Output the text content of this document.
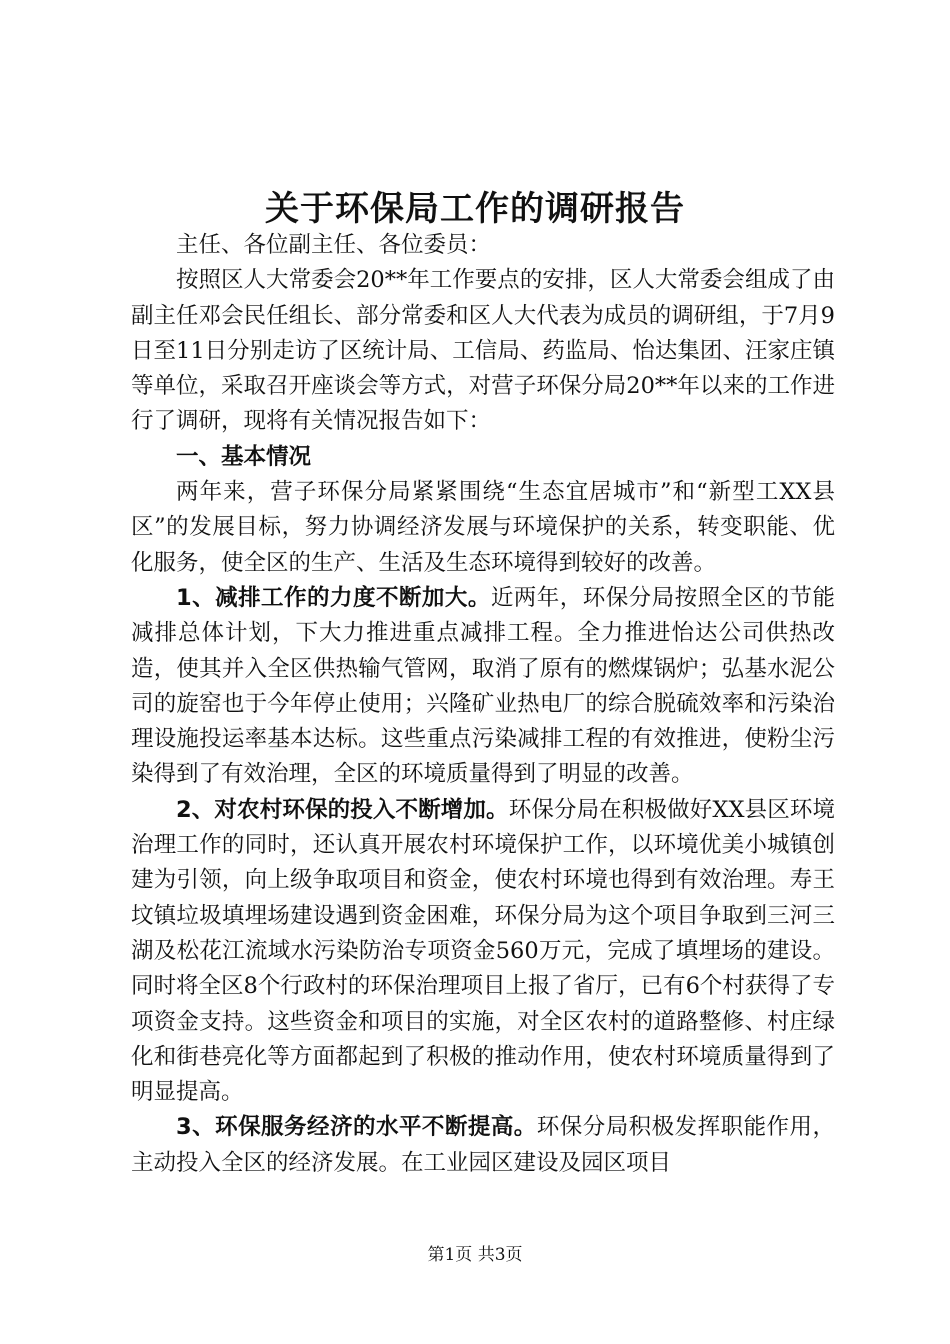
关于环保局工作的调研报告

主任、各位副主任、各位委员：

按照区人大常委会20**年工作要点的安排，区人大常委会组成了由副主任邓会民任组长、部分常委和区人大代表为成员的调研组，于7月9日至11日分别走访了区统计局、工信局、药监局、怡达集团、汪家庄镇等单位，采取召开座谈会等方式，对营子环保分局20**年以来的工作进行了调研，现将有关情况报告如下：

一、基本情况

两年来，营子环保分局紧紧围绕“生态宜居城市”和“新型工XX县区”的发展目标，努力协调经济发展与环境保护的关系，转变职能、优化服务，使全区的生产、生活及生态环境得到较好的改善。

1、减排工作的力度不断加大。近两年，环保分局按照全区的节能减排总体计划，下大力推进重点减排工程。全力推进怡达公司供热改造，使其并入全区供热输气管网，取消了原有的燃煤锅炉；弘基水泥公司的旋窑也于今年停止使用；兴隆矿业热电厂的综合脱硫效率和污染治理设施投运率基本达标。这些重点污染减排工程的有效推进，使粉尘污染得到了有效治理，全区的环境质量得到了明显的改善。

2、对农村环保的投入不断增加。环保分局在积极做好XX县区环境治理工作的同时，还认真开展农村环境保护工作，以环境优美小城镇创建为引领，向上级争取项目和资金，使农村环境也得到有效治理。寿王坟镇垃圾填埋场建设遇到资金困难，环保分局为这个项目争取到三河三湖及松花江流域水污染防治专项资金560万元，完成了填埋场的建设。同时将全区8个行政村的环保治理项目上报了省厅，已有6个村获得了专项资金支持。这些资金和项目的实施，对全区农村的道路整修、村庄绿化和街巷亮化等方面都起到了积极的推动作用，使农村环境质量得到了明显提高。

3、环保服务经济的水平不断提高。环保分局积极发挥职能作用，主动投入全区的经济发展。在工业园区建设及园区项目

第1页 共3页
